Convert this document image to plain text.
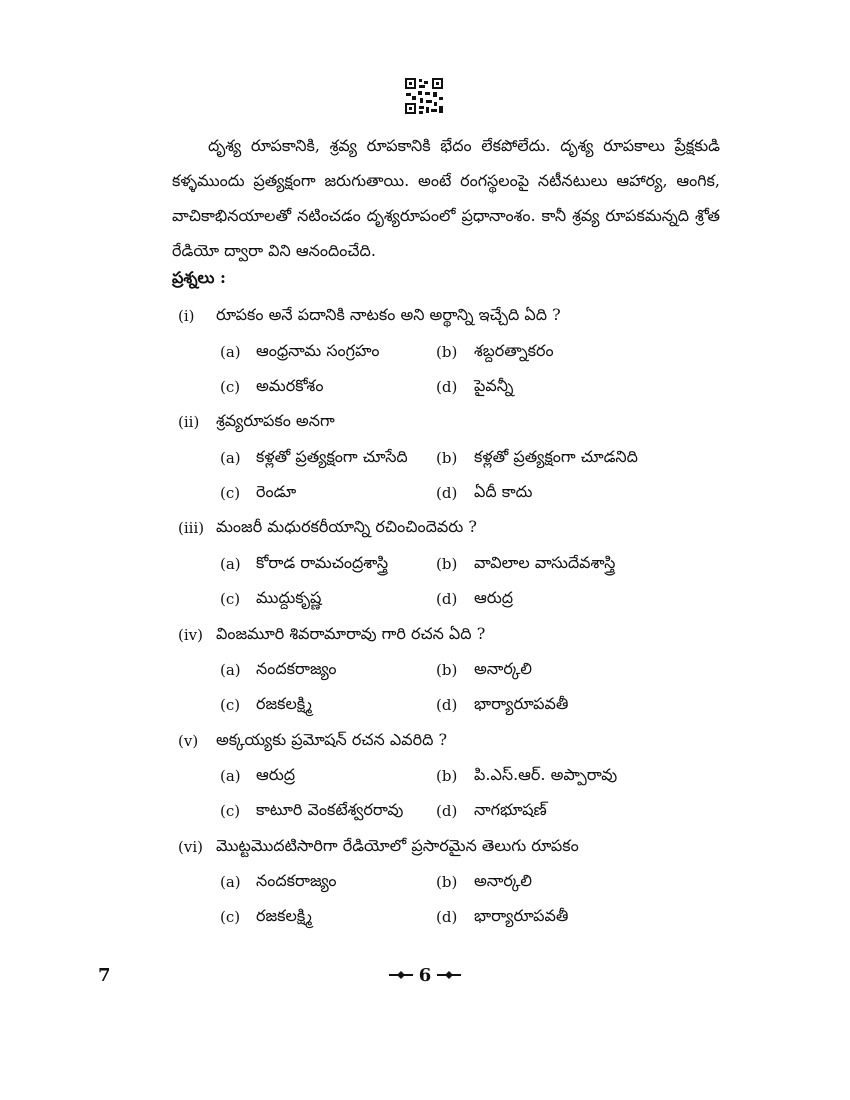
దృశ్య రూపకానికి, శ్రవ్య రూపకానికి భేదం లేకపోలేదు. దృశ్య రూపకాలు ప్రేక్షకుడి కళ్ళముందు ప్రత్యక్షంగా జరుగుతాయి. అంటే రంగస్థలంపై నటీనటులు ఆహార్య, ఆంగిక, వాచికాభినయాలతో నటించడం దృశ్యరూపంలో ప్రధానాంశం. కానీ శ్రవ్య రూపకమన్నది శ్రోత రేడియో ద్వారా విని ఆనందించేది.

ప్రశ్నలు :
(i) రూపకం అనే పదానికి నాటకం అని అర్థాన్ని ఇచ్చేది ఏది ?
(a) ఆంధ్రనామ సంగ్రహం	(b) శబ్దరత్నాకరం
(c) అమరకోశం	(d) పైవన్నీ
(ii) శ్రవ్యరూపకం అనగా
(a) కళ్లతో ప్రత్యక్షంగా చూసేది (b) కళ్లతో ప్రత్యక్షంగా చూడనిది
(c) రెండూ	(d) ఏదీ కాదు
(iii) మంజరీ మధురకరీయాన్ని రచించిందెవరు ?
(a) కోరాడ రామచంద్రశాస్త్రి	(b) వావిలాల వాసుదేవశాస్త్రి
(c) ముద్దుకృష్ణ	(d) ఆరుద్ర
(iv) వింజమూరి శివరామారావు గారి రచన ఏది ?
(a) నందకరాజ్యం	(b) అనార్కలి
(c) రజకలక్ష్మి	(d) భార్యారూపవతీ
(v) అక్కయ్యకు ప్రమోషన్ రచన ఎవరిది ?
(a) ఆరుద్ర	(b) పి.ఎస్.ఆర్. అప్పారావు
(c) కాటూరి వెంకటేశ్వరరావు (d) నాగభూషణ్
(vi) మొట్టమొదటిసారిగా రేడియోలో ప్రసారమైన తెలుగు రూపకం
(a) నందకరాజ్యం	(b) అనార్కలి
(c) రజకలక్ష్మి	(d) భార్యారూపవతీ
7	6
